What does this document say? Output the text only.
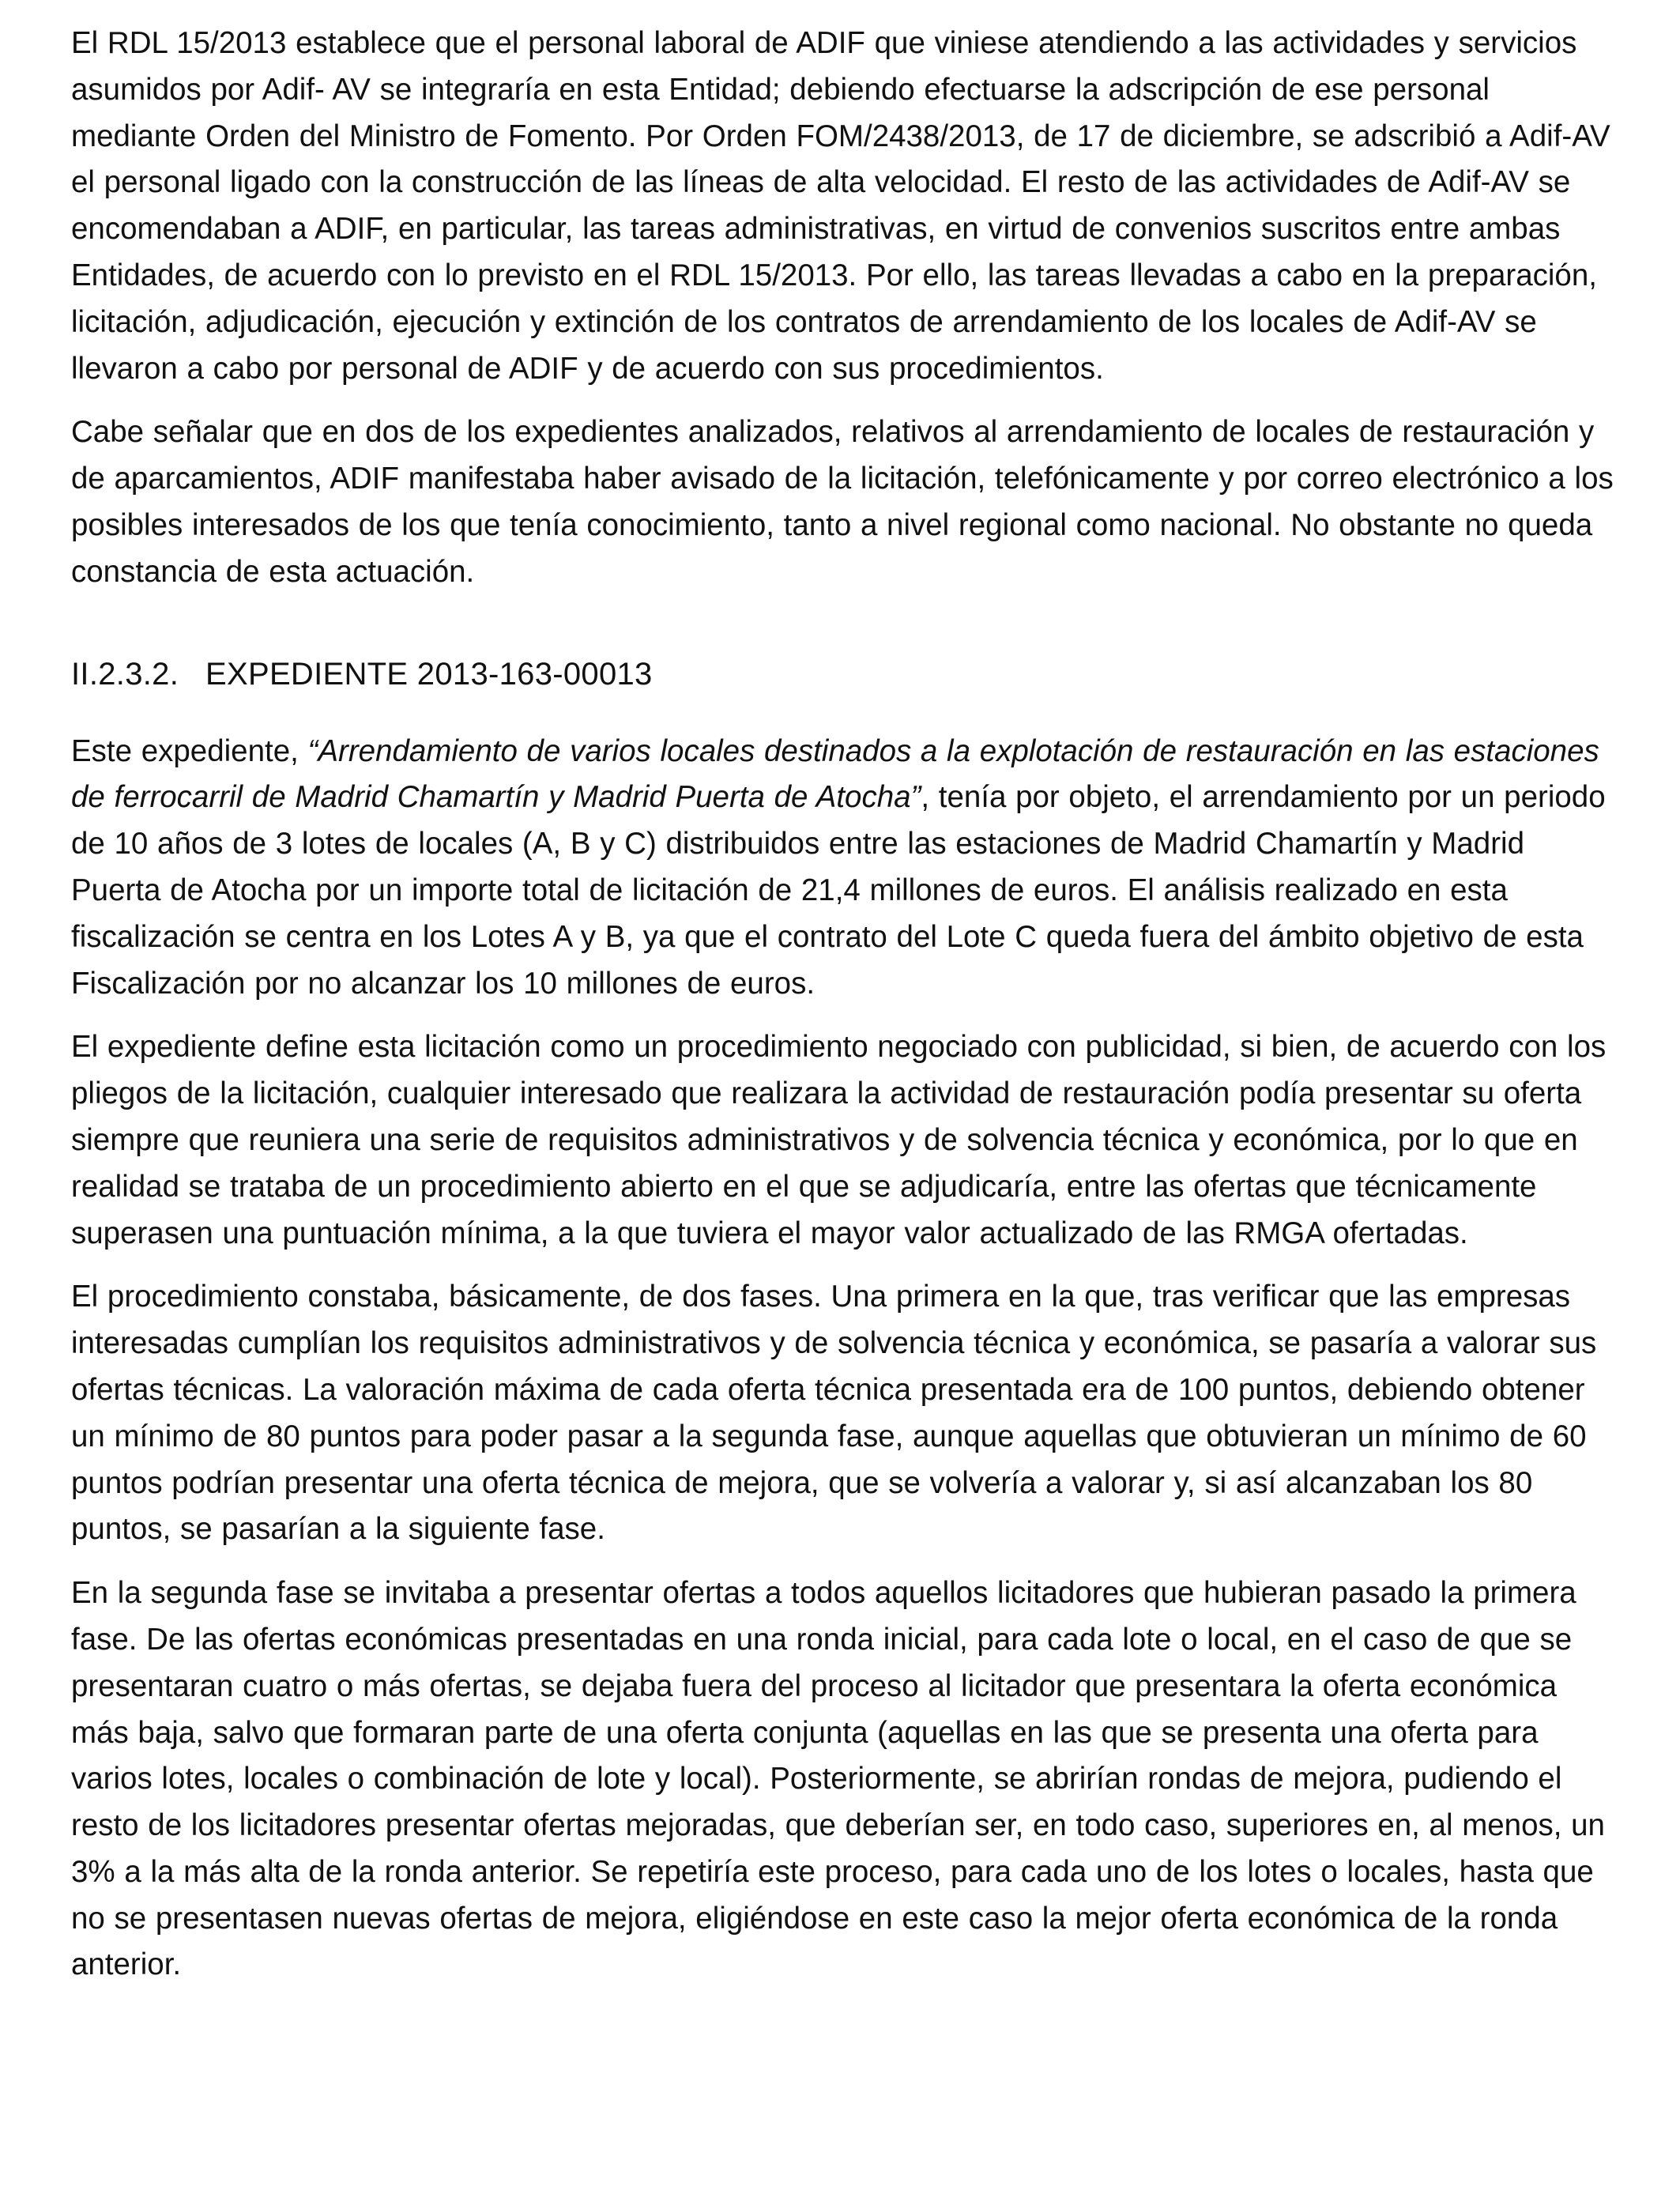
El RDL 15/2013 establece que el personal laboral de ADIF que viniese atendiendo a las actividades y servicios asumidos por Adif- AV se integraría en esta Entidad; debiendo efectuarse la adscripción de ese personal mediante Orden del Ministro de Fomento. Por Orden FOM/2438/2013, de 17 de diciembre, se adscribió a Adif-AV el personal ligado con la construcción de las líneas de alta velocidad. El resto de las actividades de Adif-AV se encomendaban a ADIF, en particular, las tareas administrativas, en virtud de convenios suscritos entre ambas Entidades, de acuerdo con lo previsto en el RDL 15/2013. Por ello, las tareas llevadas a cabo en la preparación, licitación, adjudicación, ejecución y extinción de los contratos de arrendamiento de los locales de Adif-AV se llevaron a cabo por personal de ADIF y de acuerdo con sus procedimientos.

Cabe señalar que en dos de los expedientes analizados, relativos al arrendamiento de locales de restauración y de aparcamientos, ADIF manifestaba haber avisado de la licitación, telefónicamente y por correo electrónico a los posibles interesados de los que tenía conocimiento, tanto a nivel regional como nacional. No obstante no queda constancia de esta actuación.

II.2.3.2. EXPEDIENTE 2013-163-00013

Este expediente, “Arrendamiento de varios locales destinados a la explotación de restauración en las estaciones de ferrocarril de Madrid Chamartín y Madrid Puerta de Atocha”, tenía por objeto, el arrendamiento por un periodo de 10 años de 3 lotes de locales (A, B y C) distribuidos entre las estaciones de Madrid Chamartín y Madrid Puerta de Atocha por un importe total de licitación de 21,4 millones de euros. El análisis realizado en esta fiscalización se centra en los Lotes A y B, ya que el contrato del Lote C queda fuera del ámbito objetivo de esta Fiscalización por no alcanzar los 10 millones de euros.

El expediente define esta licitación como un procedimiento negociado con publicidad, si bien, de acuerdo con los pliegos de la licitación, cualquier interesado que realizara la actividad de restauración podía presentar su oferta siempre que reuniera una serie de requisitos administrativos y de solvencia técnica y económica, por lo que en realidad se trataba de un procedimiento abierto en el que se adjudicaría, entre las ofertas que técnicamente superasen una puntuación mínima, a la que tuviera el mayor valor actualizado de las RMGA ofertadas.

El procedimiento constaba, básicamente, de dos fases. Una primera en la que, tras verificar que las empresas interesadas cumplían los requisitos administrativos y de solvencia técnica y económica, se pasaría a valorar sus ofertas técnicas. La valoración máxima de cada oferta técnica presentada era de 100 puntos, debiendo obtener un mínimo de 80 puntos para poder pasar a la segunda fase, aunque aquellas que obtuvieran un mínimo de 60 puntos podrían presentar una oferta técnica de mejora, que se volvería a valorar y, si así alcanzaban los 80 puntos, se pasarían a la siguiente fase.

En la segunda fase se invitaba a presentar ofertas a todos aquellos licitadores que hubieran pasado la primera fase. De las ofertas económicas presentadas en una ronda inicial, para cada lote o local, en el caso de que se presentaran cuatro o más ofertas, se dejaba fuera del proceso al licitador que presentara la oferta económica más baja, salvo que formaran parte de una oferta conjunta (aquellas en las que se presenta una oferta para varios lotes, locales o combinación de lote y local). Posteriormente, se abrirían rondas de mejora, pudiendo el resto de los licitadores presentar ofertas mejoradas, que deberían ser, en todo caso, superiores en, al menos, un 3% a la más alta de la ronda anterior. Se repetiría este proceso, para cada uno de los lotes o locales, hasta que no se presentasen nuevas ofertas de mejora, eligiéndose en este caso la mejor oferta económica de la ronda anterior.
